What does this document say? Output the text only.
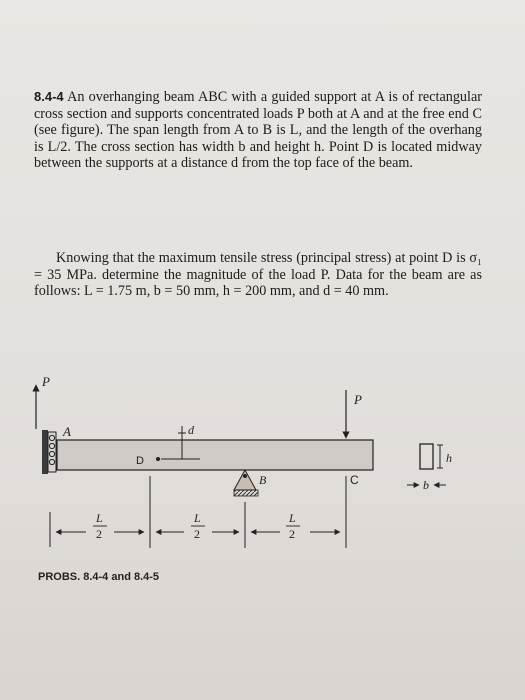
8.4-4 An overhanging beam ABC with a guided support at A is of rectangular cross section and supports concentrated loads P both at A and at the free end C (see figure). The span length from A to B is L, and the length of the overhang is L/2. The cross section has width b and height h. Point D is located midway between the supports at a distance d from the top face of the beam.
Knowing that the maximum tensile stress (principal stress) at point D is σ₁ = 35 MPa. determine the magnitude of the load P. Data for the beam are as follows: L = 1.75 m, b = 50 mm, h = 200 mm, and d = 40 mm.
P
A
P
C
D
d
B
L
2
L
2
L
2
h
b
PROBS. 8.4-4 and 8.4-5
